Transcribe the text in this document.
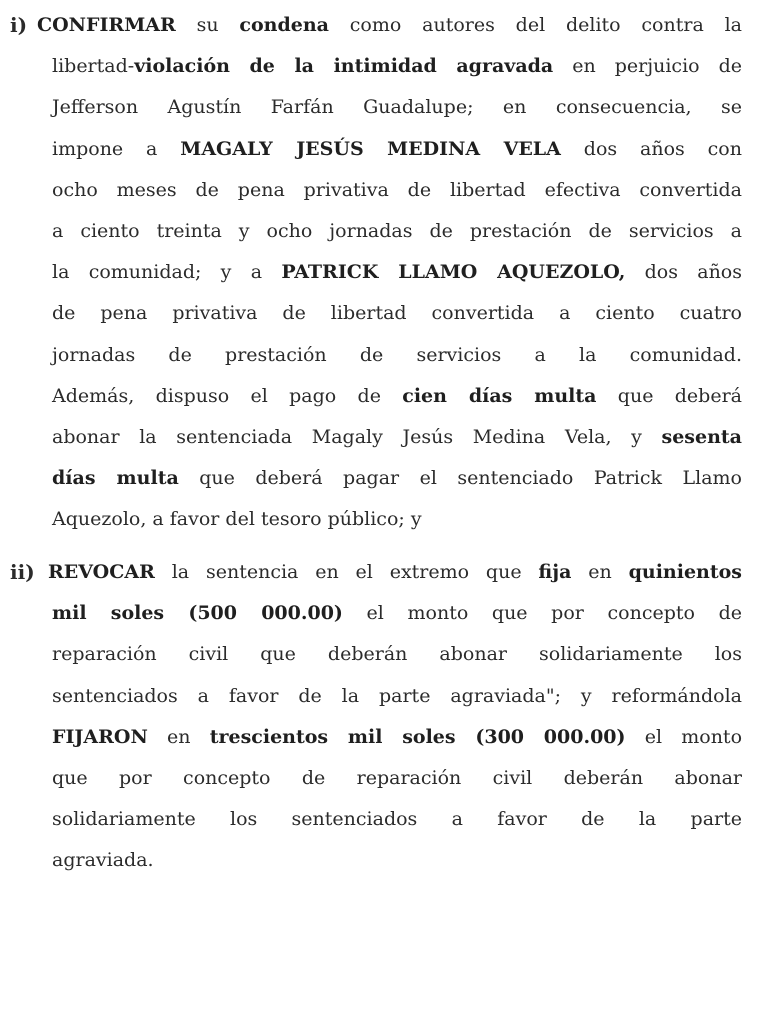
i) CONFIRMAR su condena como autores del delito contra la
libertad-violación de la intimidad agravada en perjuicio de
Jefferson Agustín Farfán Guadalupe; en consecuencia, se
impone a MAGALY JESÚS MEDINA VELA dos años con
ocho meses de pena privativa de libertad efectiva convertida
a ciento treinta y ocho jornadas de prestación de servicios a
la comunidad; y a PATRICK LLAMO AQUEZOLO, dos años
de pena privativa de libertad convertida a ciento cuatro
jornadas de prestación de servicios a la comunidad.
Además, dispuso el pago de cien días multa que deberá
abonar la sentenciada Magaly Jesús Medina Vela, y sesenta
días multa que deberá pagar el sentenciado Patrick Llamo
Aquezolo, a favor del tesoro público; y
ii) REVOCAR la sentencia en el extremo que fija en quinientos
mil soles (500 000.00) el monto que por concepto de
reparación civil que deberán abonar solidariamente los
sentenciados a favor de la parte agraviada"; y reformándola
FIJARON en trescientos mil soles (300 000.00) el monto
que por concepto de reparación civil deberán abonar
solidariamente los sentenciados a favor de la parte
agraviada.
